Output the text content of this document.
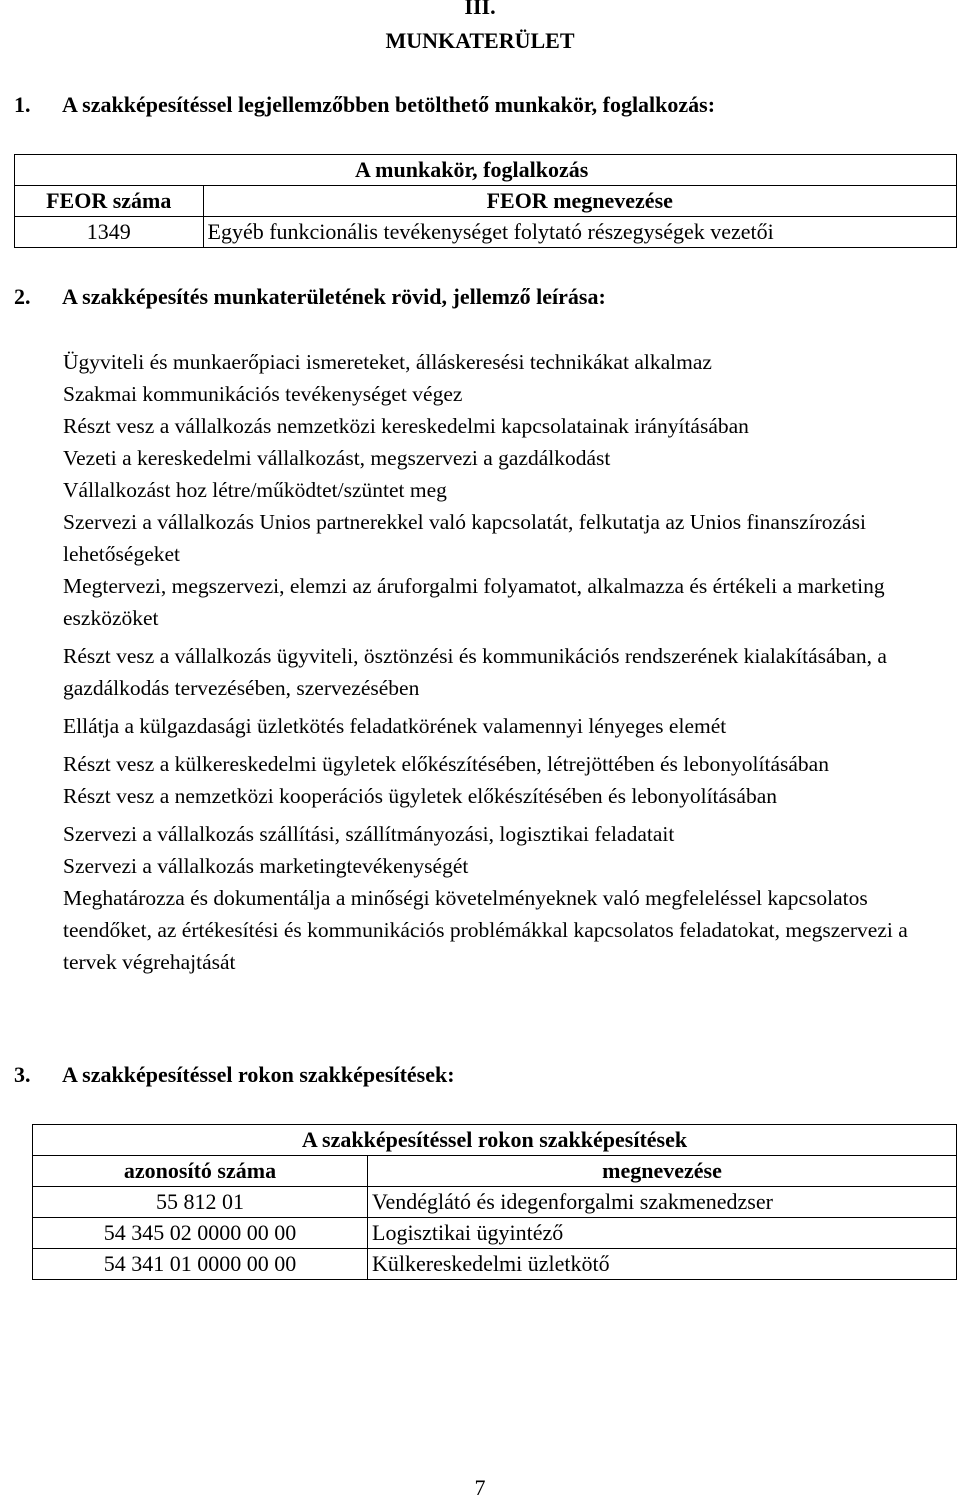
III.
MUNKATERÜLET
1. A szakképesítéssel legjellemzőbben betölthető munkakör, foglalkozás:
	A munkakör, foglalkozás
FEOR száma	FEOR megnevezése
1349	Egyéb funkcionális tevékenységet folytató részegységek vezetői
2. A szakképesítés munkaterületének rövid, jellemző leírása:
Ügyviteli és munkaerőpiaci ismereteket, álláskeresési technikákat alkalmaz
Szakmai kommunikációs tevékenységet végez
Részt vesz a vállalkozás nemzetközi kereskedelmi kapcsolatainak irányításában
Vezeti a kereskedelmi vállalkozást, megszervezi a gazdálkodást
Vállalkozást hoz létre/működtet/szüntet meg
Szervezi a vállalkozás Unios partnerekkel való kapcsolatát, felkutatja az Unios finanszírozási lehetőségeket
Megtervezi, megszervezi, elemzi az áruforgalmi folyamatot, alkalmazza és értékeli a marketing eszközöket
Részt vesz a vállalkozás ügyviteli, ösztönzési és kommunikációs rendszerének kialakításában, a gazdálkodás tervezésében, szervezésében
Ellátja a külgazdasági üzletkötés feladatkörének valamennyi lényeges elemét
Részt vesz a külkereskedelmi ügyletek előkészítésében, létrejöttében és lebonyolításában
Részt vesz a nemzetközi kooperációs ügyletek előkészítésében és lebonyolításában
Szervezi a vállalkozás szállítási, szállítmányozási, logisztikai feladatait
Szervezi a vállalkozás marketingtevékenységét
Meghatározza és dokumentálja a minőségi követelményeknek való megfeleléssel kapcsolatos teendőket, az értékesítési és kommunikációs problémákkal kapcsolatos feladatokat, megszervezi a tervek végrehajtását
3. A szakképesítéssel rokon szakképesítések:
A szakképesítéssel rokon szakképesítések	
azonosító száma	megnevezése
55 812 01	Vendéglátó és idegenforgalmi szakmenedzser
54 345 02 0000 00 00	Logisztikai ügyintéző
54 341 01 0000 00 00	Külkereskedelmi üzletkötő
7
